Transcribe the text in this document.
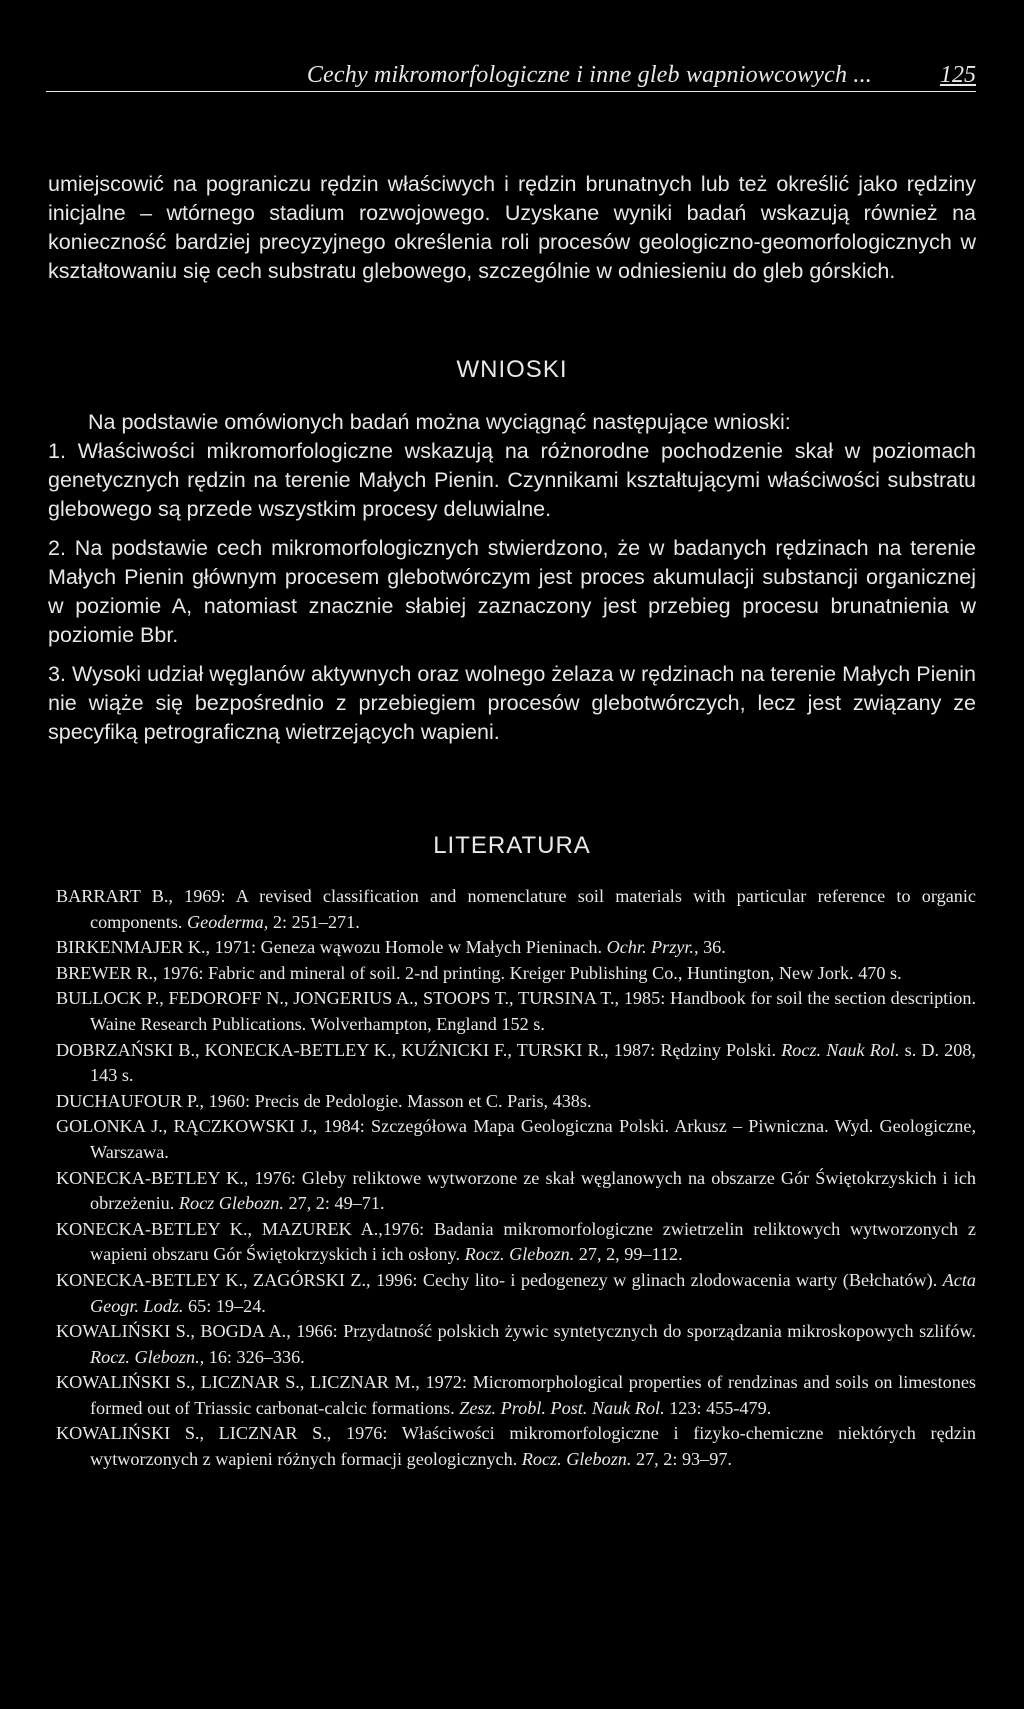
Cechy mikromorfologiczne i inne gleb wapniowcowych ...	125

umiejscowić na pograniczu rędzin właściwych i rędzin brunatnych lub też określić jako rędziny inicjalne – wtórnego stadium rozwojowego. Uzyskane wyniki badań wskazują również na konieczność bardziej precyzyjnego określenia roli procesów geologiczno-geomorfologicznych w kształtowaniu się cech substratu glebowego, szczególnie w odniesieniu do gleb górskich.

WNIOSKI

Na podstawie omówionych badań można wyciągnąć następujące wnioski:

1. Właściwości mikromorfologiczne wskazują na różnorodne pochodzenie skał w poziomach genetycznych rędzin na terenie Małych Pienin. Czynnikami kształtującymi właściwości substratu glebowego są przede wszystkim procesy deluwialne.

2. Na podstawie cech mikromorfologicznych stwierdzono, że w badanych rędzinach na terenie Małych Pienin głównym procesem glebotwórczym jest proces akumulacji substancji organicznej w poziomie A, natomiast znacznie słabiej zaznaczony jest przebieg procesu brunatnienia w poziomie Bbr.

3. Wysoki udział węglanów aktywnych oraz wolnego żelaza w rędzinach na terenie Małych Pienin nie wiąże się bezpośrednio z przebiegiem procesów glebotwórczych, lecz jest związany ze specyfiką petrograficzną wietrzejących wapieni.

LITERATURA

BARRART B., 1969: A revised classification and nomenclature soil materials with particular reference to organic components. Geoderma, 2: 251–271.

BIRKENMAJER K., 1971: Geneza wąwozu Homole w Małych Pieninach. Ochr. Przyr., 36.

BREWER R., 1976: Fabric and mineral of soil. 2-nd printing. Kreiger Publishing Co., Huntington, New Jork. 470 s.

BULLOCK P., FEDOROFF N., JONGERIUS A., STOOPS T., TURSINA T., 1985: Handbook for soil the section description. Waine Research Publications. Wolverhampton, England 152 s.

DOBRZAŃSKI B., KONECKA-BETLEY K., KUŹNICKI F., TURSKI R., 1987: Rędziny Polski. Rocz. Nauk Rol. s. D. 208, 143 s.

DUCHAUFOUR P., 1960: Precis de Pedologie. Masson et C. Paris, 438s.

GOLONKA J., RĄCZKOWSKI J., 1984: Szczegółowa Mapa Geologiczna Polski. Arkusz – Piwniczna. Wyd. Geologiczne, Warszawa.

KONECKA-BETLEY K., 1976: Gleby reliktowe wytworzone ze skał węglanowych na obszarze Gór Świętokrzyskich i ich obrzeżeniu. Rocz Glebozn. 27, 2: 49–71.

KONECKA-BETLEY K., MAZUREK A.,1976: Badania mikromorfologiczne zwietrzelin reliktowych wytworzonych z wapieni obszaru Gór Świętokrzyskich i ich osłony. Rocz. Glebozn. 27, 2, 99–112.

KONECKA-BETLEY K., ZAGÓRSKI Z., 1996: Cechy lito- i pedogenezy w glinach zlodowacenia warty (Bełchatów). Acta Geogr. Lodz. 65: 19–24.

KOWALIŃSKI S., BOGDA A., 1966: Przydatność polskich żywic syntetycznych do sporządzania mikroskopowych szlifów. Rocz. Glebozn., 16: 326–336.

KOWALIŃSKI S., LICZNAR S., LICZNAR M., 1972: Micromorphological properties of rendzinas and soils on limestones formed out of Triassic carbonat-calcic formations. Zesz. Probl. Post. Nauk Rol. 123: 455-479.

KOWALIŃSKI S., LICZNAR S., 1976: Właściwości mikromorfologiczne i fizyko-chemiczne niektórych rędzin wytworzonych z wapieni różnych formacji geologicznych. Rocz. Glebozn. 27, 2: 93–97.
